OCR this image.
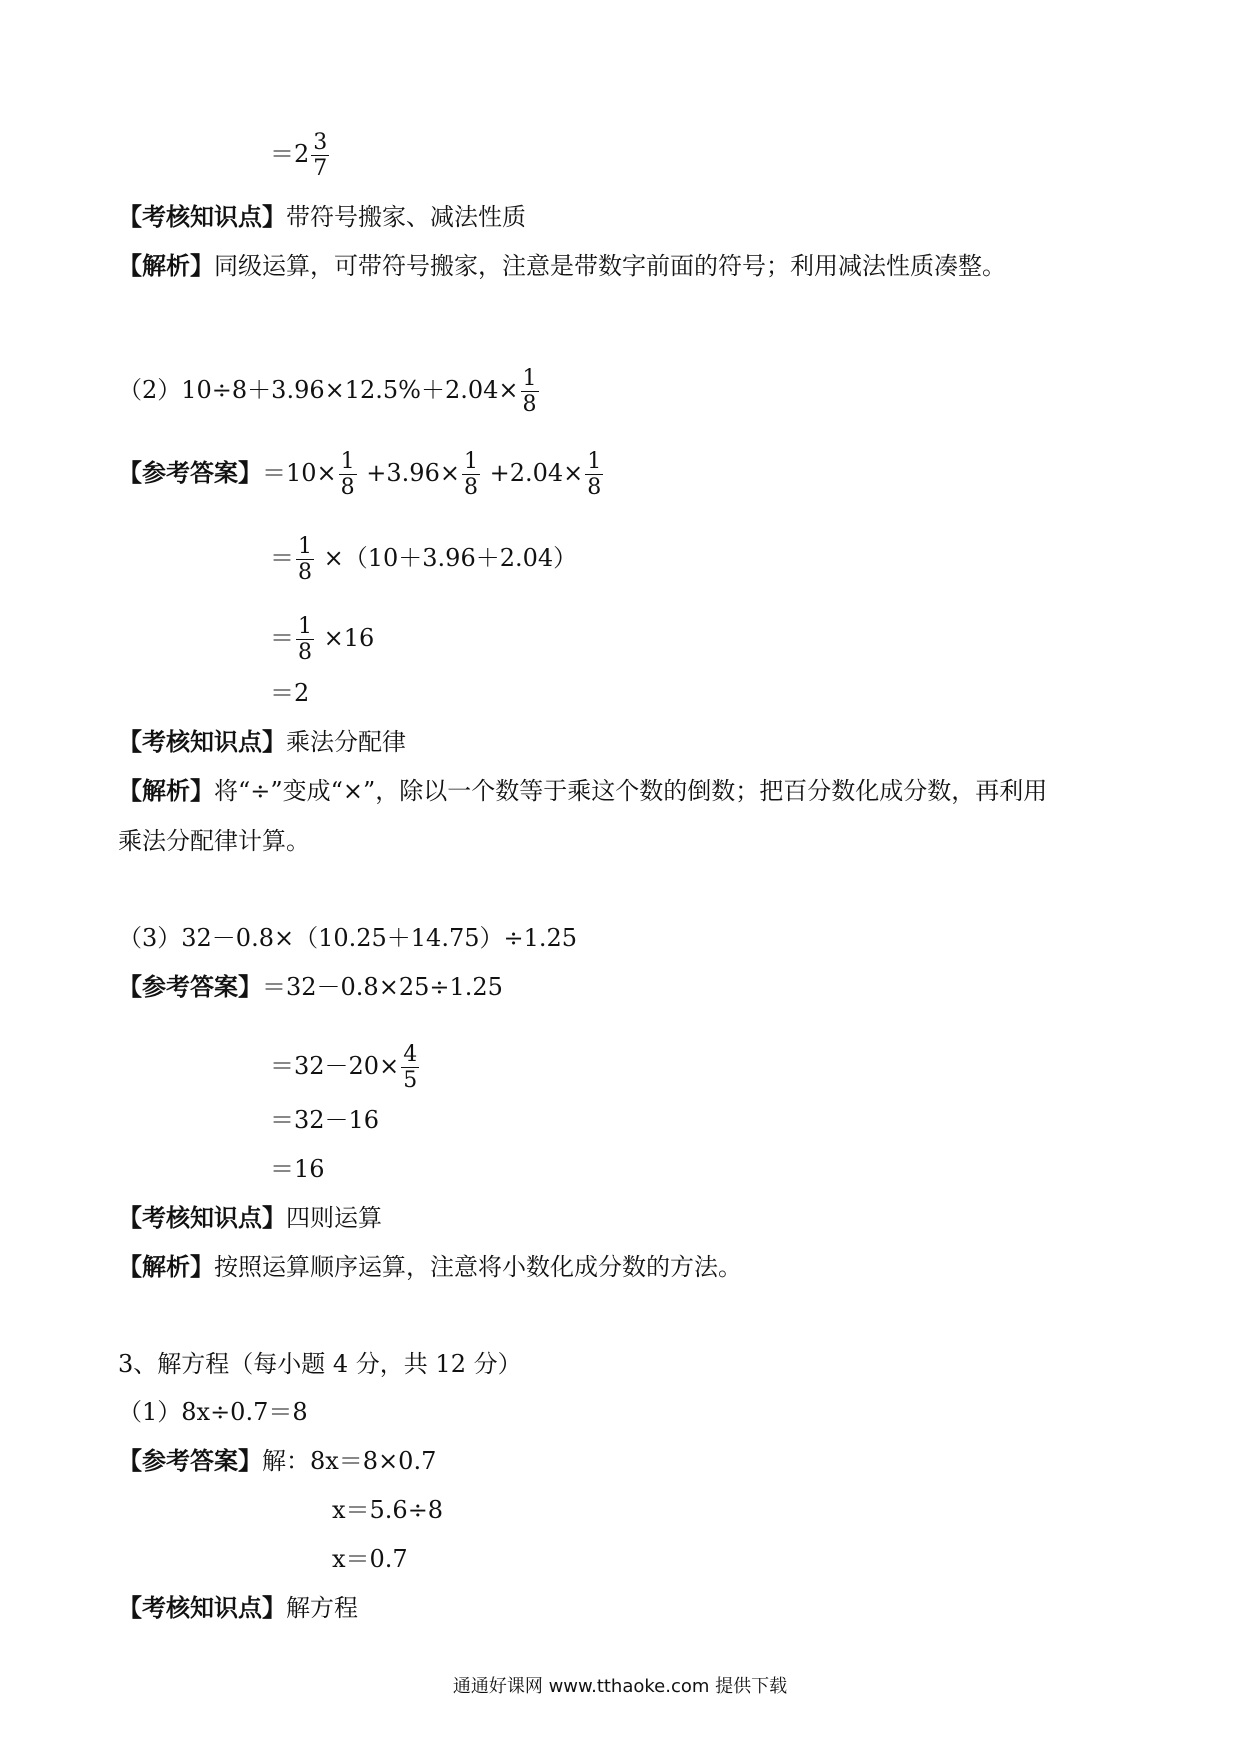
$=2 \frac{3}{7}$
【考核知识点】带符号搬家、减法性质
【解析】同级运算，可带符号搬家，注意是带数字前面的符号；利用减法性质凑整。
$(2)10\div 8+3.96\times 12.5\%+2.04\times \frac{1}{8}$
【参考答案】$=10\times \frac{1}{8} +3.96\times \frac{1}{8} +2.04\times \frac{1}{8}$
＝ $\frac{1}{8} \times(10+3.96+2.04)$
＝ $\frac{1}{8} \times 16$
＝2
【考核知识点】乘法分配律
【解析】将“÷”变成“×”，除以一个数等于乘这个数的倒数；把百分数化成分数，再利用
乘法分配律计算。
（3）32－0.8×（10.25＋14.75）÷1.25
【参考答案】＝32－0.8×25÷1.25
$=32-20\times \frac{4}{5}$
＝32－16
＝16
【考核知识点】四则运算
【解析】按照运算顺序运算，注意将小数化成分数的方法。
3、解方程（每小题 4 分，共 12 分）
（1）8x÷0.7＝8
【参考答案】解：8x＝8×0.7
x＝5.6÷8
x＝0.7
【考核知识点】解方程
通通好课网 www.tthaoke.com 提供下载
